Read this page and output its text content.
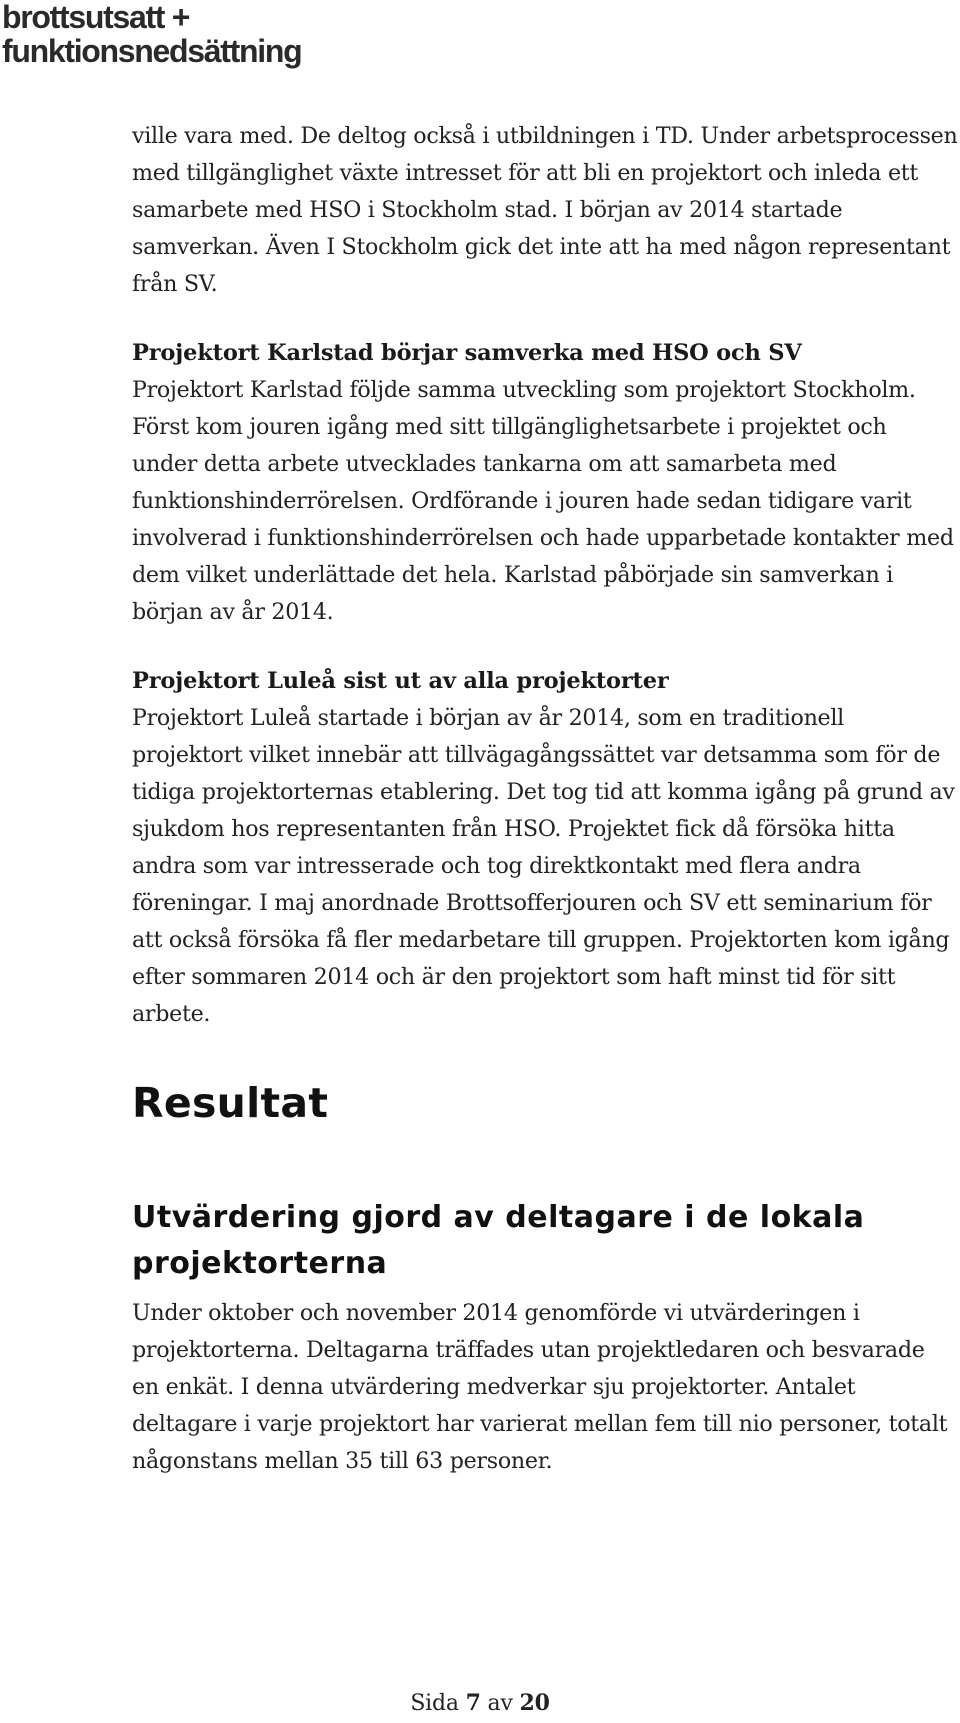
brottsutsatt +
funktionsnedsättning

ville vara med. De deltog också i utbildningen i TD. Under arbetsprocessen med tillgänglighet växte intresset för att bli en projektort och inleda ett samarbete med HSO i Stockholm stad. I början av 2014 startade samverkan. Även I Stockholm gick det inte att ha med någon representant från SV.

Projektort Karlstad börjar samverka med HSO och SV

Projektort Karlstad följde samma utveckling som projektort Stockholm. Först kom jouren igång med sitt tillgänglighetsarbete i projektet och under detta arbete utvecklades tankarna om att samarbeta med funktionshinderrörelsen. Ordförande i jouren hade sedan tidigare varit involverad i funktionshinderrörelsen och hade upparbetade kontakter med dem vilket underlättade det hela. Karlstad påbörjade sin samverkan i början av år 2014.

Projektort Luleå sist ut av alla projektorter

Projektort Luleå startade i början av år 2014, som en traditionell projektort vilket innebär att tillvägagångssättet var detsamma som för de tidiga projektorternas etablering. Det tog tid att komma igång på grund av sjukdom hos representanten från HSO. Projektet fick då försöka hitta andra som var intresserade och tog direktkontakt med flera andra föreningar. I maj anordnade Brottsofferjouren och SV ett seminarium för att också försöka få fler medarbetare till gruppen. Projektorten kom igång efter sommaren 2014 och är den projektort som haft minst tid för sitt arbete.

Resultat
Utvärdering gjord av deltagare i de lokala projektorterna

Under oktober och november 2014 genomförde vi utvärderingen i projektorterna. Deltagarna träffades utan projektledaren och besvarade en enkät. I denna utvärdering medverkar sju projektorter. Antalet deltagare i varje projektort har varierat mellan fem till nio personer, totalt någonstans mellan 35 till 63 personer.

Sida 7 av 20
